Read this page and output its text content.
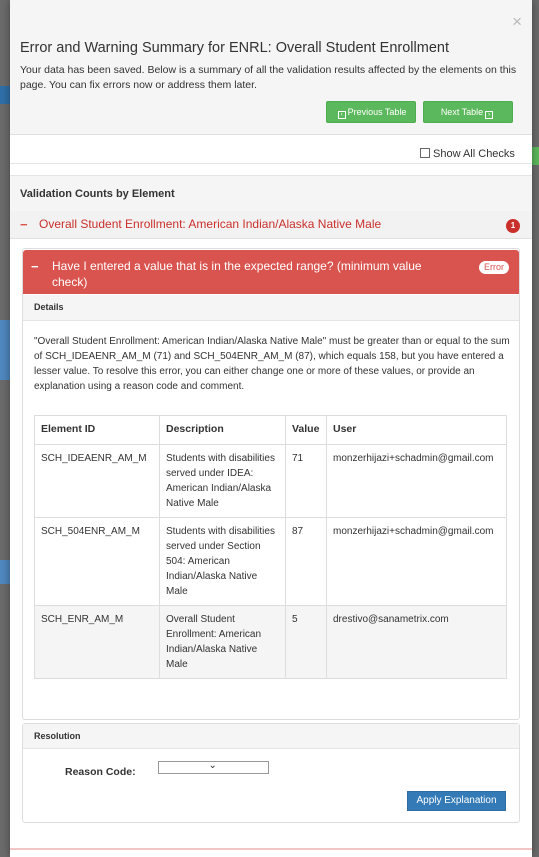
×
Error and Warning Summary for ENRL: Overall Student Enrollment
Your data has been saved. Below is a summary of all the validation results affected by the elements on this page. You can fix errors now or address them later.
‹ Previous Table	Next Table ›
Show All Checks
Validation Counts by Element
− Overall Student Enrollment: American Indian/Alaska Native Male	1
− Have I entered a value that is in the expected range? (minimum value check)
Error
Details
"Overall Student Enrollment: American Indian/Alaska Native Male" must be greater than or equal to the sum of SCH_IDEAENR_AM_M (71) and SCH_504ENR_AM_M (87), which equals 158, but you have entered a lesser value. To resolve this error, you can either change one or more of these values, or provide an explanation using a reason code and comment.
Element ID	Description	Value	User
SCH_IDEAENR_AM_M	Students with disabilities served under IDEA: American Indian/Alaska Native Male	71	monzerhijazi+schadmin@gmail.com
SCH_504ENR_AM_M	Students with disabilities served under Section 504: American Indian/Alaska Native Male	87	monzerhijazi+schadmin@gmail.com
SCH_ENR_AM_M	Overall Student Enrollment: American Indian/Alaska Native Male	5	drestivo@sanametrix.com
Resolution
Reason Code:
⌄
Apply Explanation
